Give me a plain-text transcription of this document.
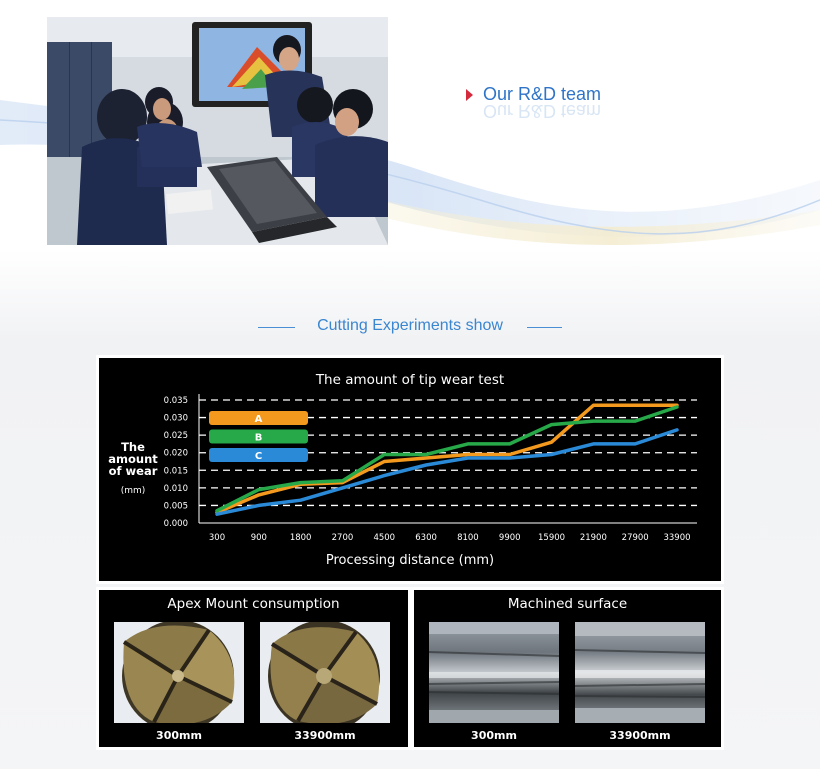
Our R&D team
Our R&D team
Cutting Experiments show
The amount of tip wear test
The
amount
of wear
(mm)
Processing distance (mm)
0.000
0.005
0.010
0.015
0.020
0.025
0.030
0.035
300	900	1800 2700 4500 6300 8100 9900 15900 21900 27900 33900
A
B
C
Apex Mount consumption
300mm	33900mm
Machined surface
300mm	33900mm
